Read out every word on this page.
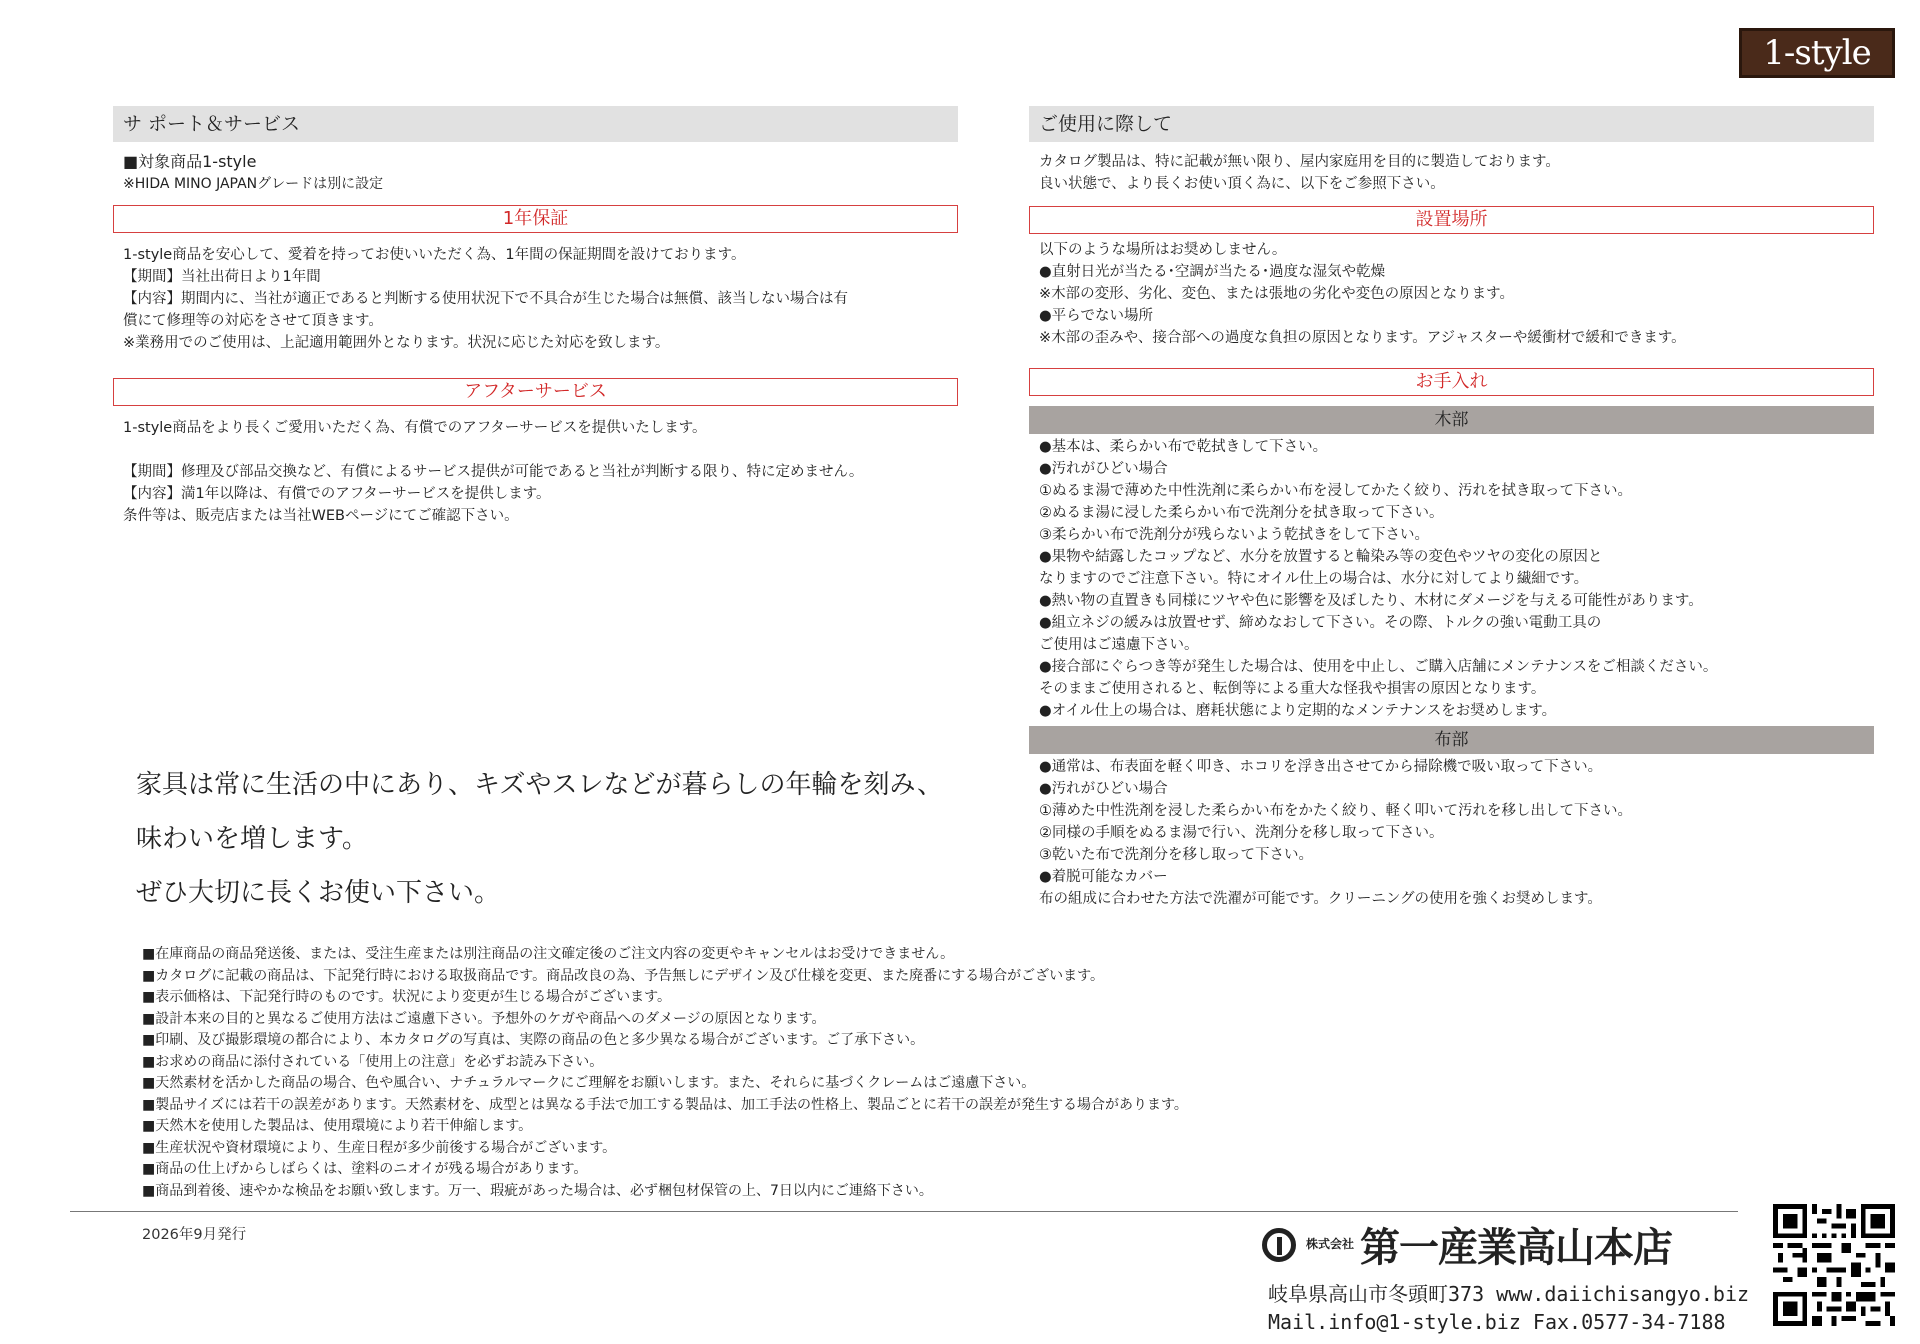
1-style
サ ポート＆サービス
■対象商品1-style
※HIDA MINO JAPANグレードは別に設定
1年保証
1-style商品を安心して、愛着を持ってお使いいただく為、1年間の保証期間を設けております。
【期間】当社出荷日より1年間
【内容】期間内に、当社が適正であると判断する使用状況下で不具合が生じた場合は無償、該当しない場合は有
償にて修理等の対応をさせて頂きます。
※業務用でのご使用は、上記適用範囲外となります。状況に応じた対応を致します。
アフターサービス
1-style商品をより長くご愛用いただく為、有償でのアフターサービスを提供いたします。
【期間】修理及び部品交換など、有償によるサービス提供が可能であると当社が判断する限り、特に定めません。
【内容】満1年以降は、有償でのアフターサービスを提供します。
条件等は、販売店または当社WEBページにてご確認下さい。
ご使用に際して
カタログ製品は、特に記載が無い限り、屋内家庭用を目的に製造しております。
良い状態で、より長くお使い頂く為に、以下をご参照下さい。
設置場所
以下のような場所はお奨めしません。
●直射日光が当たる･空調が当たる･過度な湿気や乾燥
※木部の変形、劣化、変色、または張地の劣化や変色の原因となります。
●平らでない場所
※木部の歪みや、接合部への過度な負担の原因となります。アジャスターや緩衝材で緩和できます。
お手入れ
木部
●基本は、柔らかい布で乾拭きして下さい。
●汚れがひどい場合
①ぬるま湯で薄めた中性洗剤に柔らかい布を浸してかたく絞り、汚れを拭き取って下さい。
②ぬるま湯に浸した柔らかい布で洗剤分を拭き取って下さい。
③柔らかい布で洗剤分が残らないよう乾拭きをして下さい。
●果物や結露したコップなど、水分を放置すると輪染み等の変色やツヤの変化の原因と
なりますのでご注意下さい。特にオイル仕上の場合は、水分に対してより繊細です。
●熱い物の直置きも同様にツヤや色に影響を及ぼしたり、木材にダメージを与える可能性があります。
●組立ネジの緩みは放置せず、締めなおして下さい。その際、トルクの強い電動工具の
ご使用はご遠慮下さい。
●接合部にぐらつき等が発生した場合は、使用を中止し、ご購入店舗にメンテナンスをご相談ください。
そのままご使用されると、転倒等による重大な怪我や損害の原因となります。
●オイル仕上の場合は、磨耗状態により定期的なメンテナンスをお奨めします。
布部
●通常は、布表面を軽く叩き、ホコリを浮き出させてから掃除機で吸い取って下さい。
●汚れがひどい場合
①薄めた中性洗剤を浸した柔らかい布をかたく絞り、軽く叩いて汚れを移し出して下さい。
②同様の手順をぬるま湯で行い、洗剤分を移し取って下さい。
③乾いた布で洗剤分を移し取って下さい。
●着脱可能なカバー
布の組成に合わせた方法で洗濯が可能です。クリーニングの使用を強くお奨めします。
家具は常に生活の中にあり、キズやスレなどが暮らしの年輪を刻み、
味わいを増します。
ぜひ大切に長くお使い下さい。
■在庫商品の商品発送後、または、受注生産または別注商品の注文確定後のご注文内容の変更やキャンセルはお受けできません。
■カタログに記載の商品は、下記発行時における取扱商品です。商品改良の為、予告無しにデザイン及び仕様を変更、また廃番にする場合がございます。
■表示価格は、下記発行時のものです。状況により変更が生じる場合がございます。
■設計本来の目的と異なるご使用方法はご遠慮下さい。予想外のケガや商品へのダメージの原因となります。
■印刷、及び撮影環境の都合により、本カタログの写真は、実際の商品の色と多少異なる場合がございます。ご了承下さい。
■お求めの商品に添付されている「使用上の注意」を必ずお読み下さい。
■天然素材を活かした商品の場合、色や風合い、ナチュラルマークにご理解をお願いします。また、それらに基づくクレームはご遠慮下さい。
■製品サイズには若干の誤差があります。天然素材を、成型とは異なる手法で加工する製品は、加工手法の性格上、製品ごとに若干の誤差が発生する場合があります。
■天然木を使用した製品は、使用環境により若干伸縮します。
■生産状況や資材環境により、生産日程が多少前後する場合がございます。
■商品の仕上げからしばらくは、塗料のニオイが残る場合があります。
■商品到着後、速やかな検品をお願い致します。万一、瑕疵があった場合は、必ず梱包材保管の上、7日以内にご連絡下さい。
2026年9月発行
株式会社 第一産業高山本店
岐阜県高山市冬頭町373 www.daiichisangyo.biz
Mail.info@1-style.biz Fax.0577-34-7188
